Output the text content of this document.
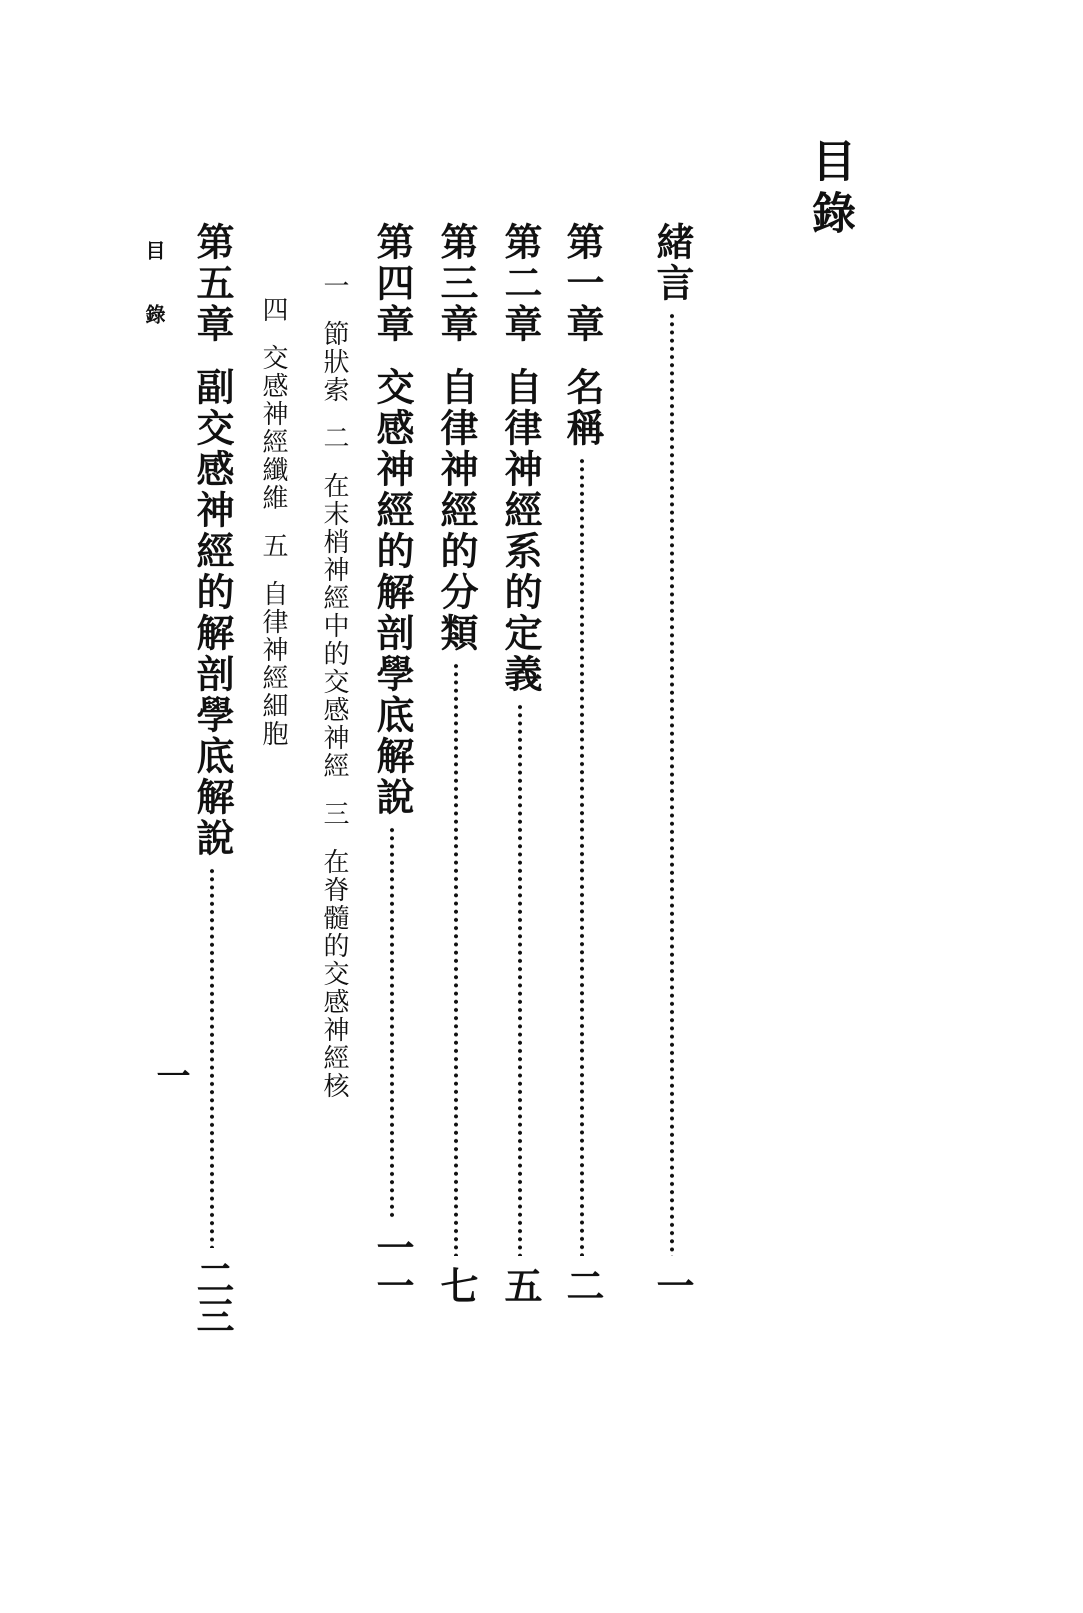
目錄
緒言
一
第一章名稱
二
第二章自律神經系的定義
五
第三章自律神經的分類
七
第四章交感神經的解剖學底解說
一一
一節狀索二在末梢神經中的交感神經三在脊髓的交感神經核
四交感神經纖維五自律神經細胞
第五章副交感神經的解剖學底解說
二三
目錄
一
